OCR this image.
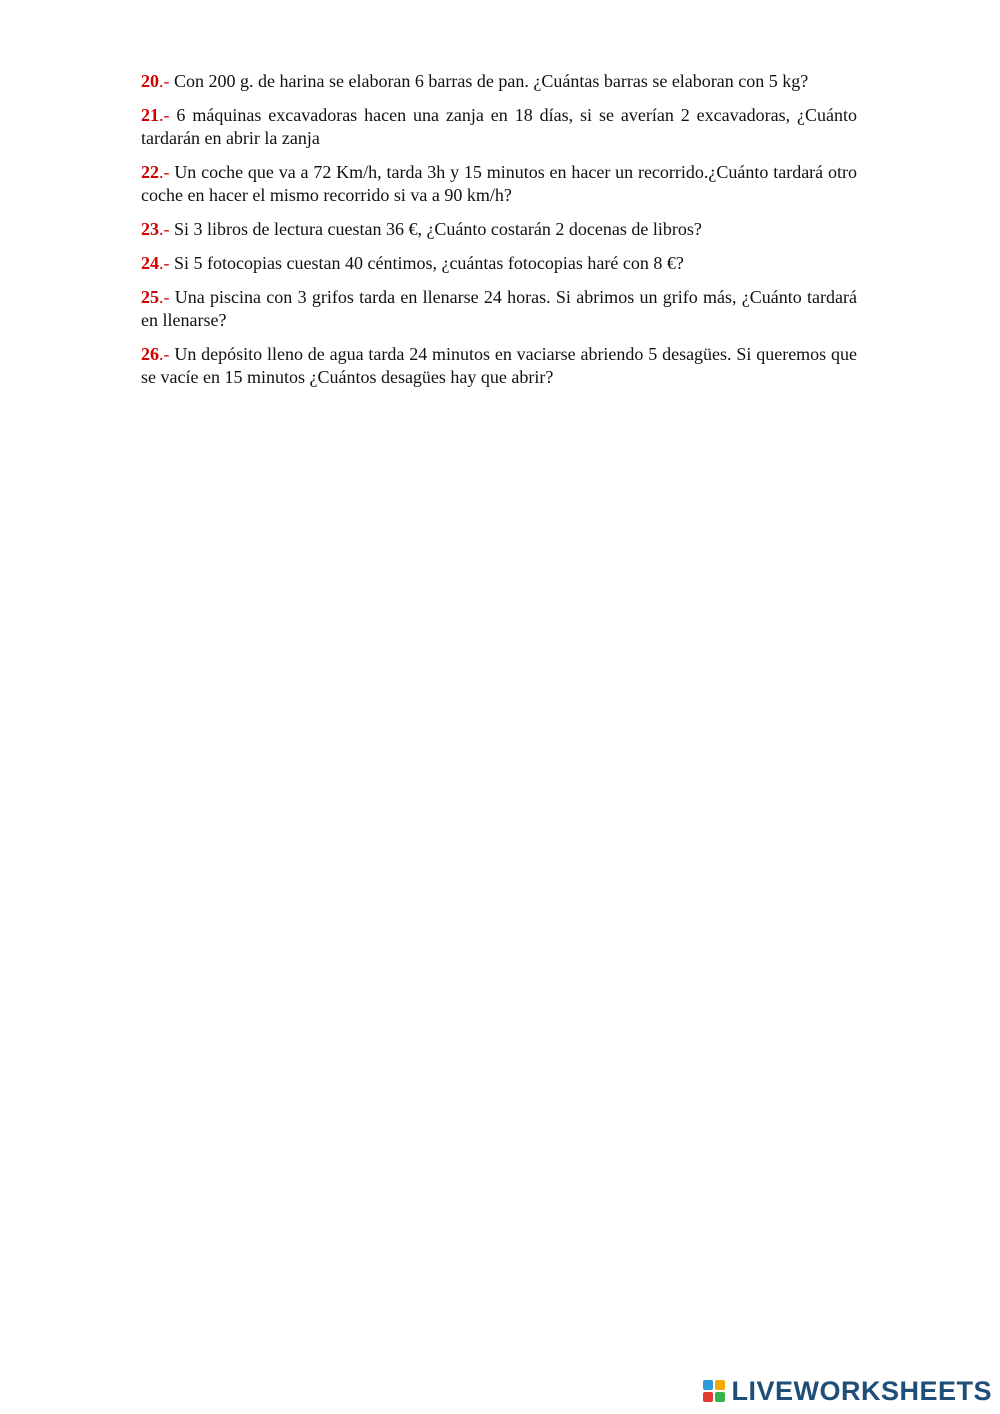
20.- Con 200 g. de harina se elaboran 6 barras de pan. ¿Cuántas barras se elaboran con 5 kg?

21.- 6 máquinas excavadoras hacen una zanja en 18 días, si se averían 2 excavadoras, ¿Cuánto tardarán en abrir la zanja

22.- Un coche que va a 72 Km/h, tarda 3h y 15 minutos en hacer un recorrido.¿Cuánto tardará otro coche en hacer el mismo recorrido si va a 90 km/h?

23.- Si 3 libros de lectura cuestan 36 €, ¿Cuánto costarán 2 docenas de libros?

24.- Si 5 fotocopias cuestan 40 céntimos, ¿cuántas fotocopias haré con 8 €?

25.- Una piscina con 3 grifos tarda en llenarse 24 horas. Si abrimos un grifo más, ¿Cuánto tardará en llenarse?

26.- Un depósito lleno de agua tarda 24 minutos en vaciarse abriendo 5 desagües. Si queremos que se vacíe en 15 minutos ¿Cuántos desagües hay que abrir?

LIVEWORKSHEETS
